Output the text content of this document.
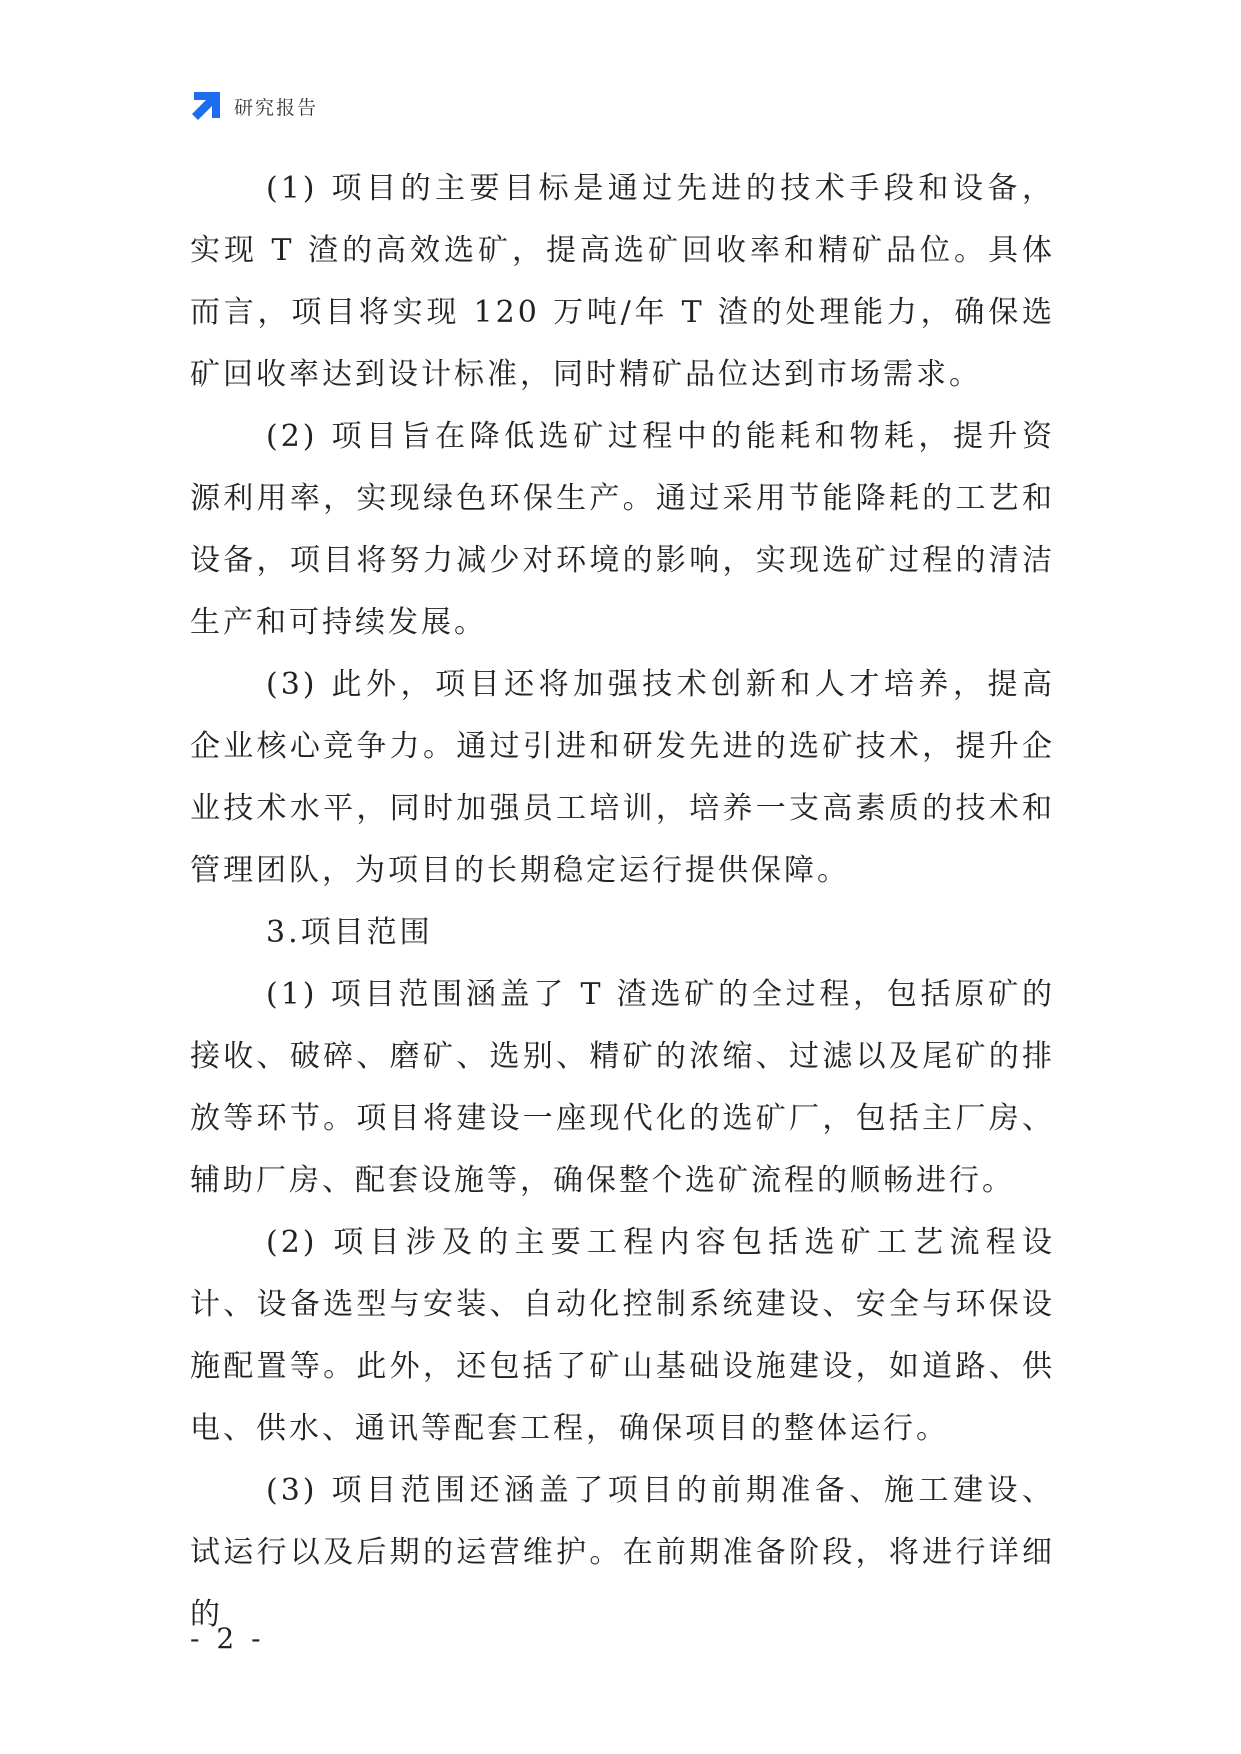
研究报告

(1) 项目的主要目标是通过先进的技术手段和设备，实现 T 渣的高效选矿，提高选矿回收率和精矿品位。具体而言，项目将实现 120 万吨/年 T 渣的处理能力，确保选矿回收率达到设计标准，同时精矿品位达到市场需求。

(2) 项目旨在降低选矿过程中的能耗和物耗，提升资源利用率，实现绿色环保生产。通过采用节能降耗的工艺和设备，项目将努力减少对环境的影响，实现选矿过程的清洁生产和可持续发展。

(3) 此外，项目还将加强技术创新和人才培养，提高企业核心竞争力。通过引进和研发先进的选矿技术，提升企业技术水平，同时加强员工培训，培养一支高素质的技术和管理团队，为项目的长期稳定运行提供保障。

3.项目范围

(1) 项目范围涵盖了 T 渣选矿的全过程，包括原矿的接收、破碎、磨矿、选别、精矿的浓缩、过滤以及尾矿的排放等环节。项目将建设一座现代化的选矿厂，包括主厂房、辅助厂房、配套设施等，确保整个选矿流程的顺畅进行。

(2) 项目涉及的主要工程内容包括选矿工艺流程设计、设备选型与安装、自动化控制系统建设、安全与环保设施配置等。此外，还包括了矿山基础设施建设，如道路、供电、供水、通讯等配套工程，确保项目的整体运行。

(3) 项目范围还涵盖了项目的前期准备、施工建设、试运行以及后期的运营维护。在前期准备阶段，将进行详细的

- 2 -
